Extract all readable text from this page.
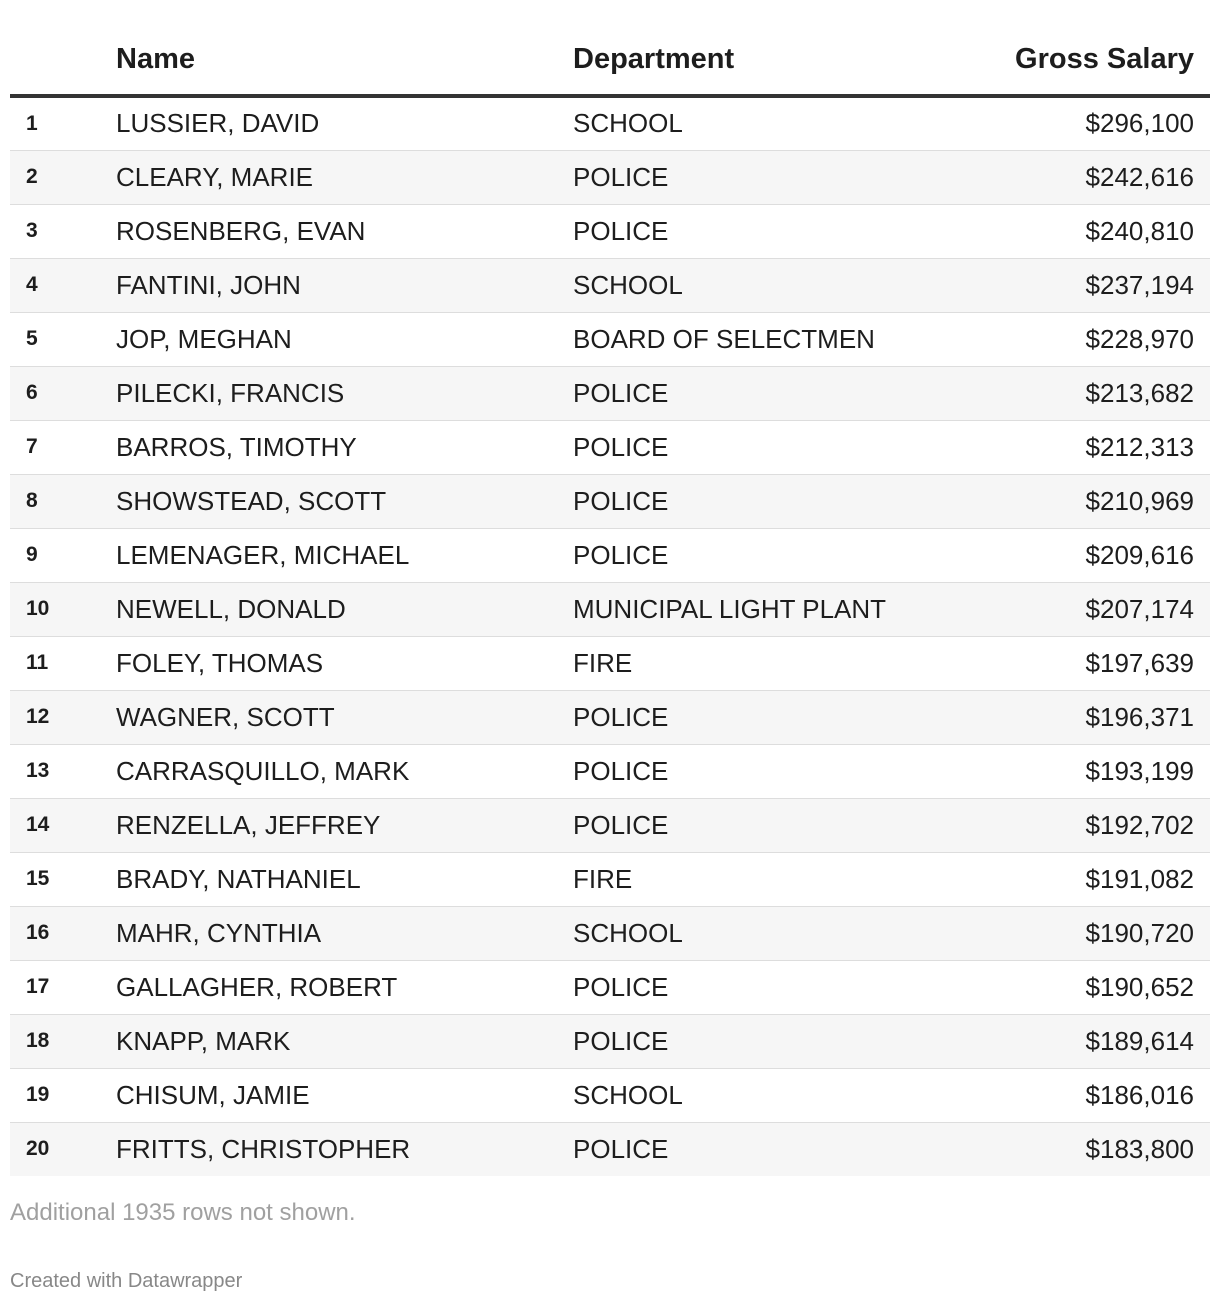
	Name	Department	Gross Salary
1	LUSSIER, DAVID	SCHOOL	$296,100
2	CLEARY, MARIE	POLICE	$242,616
3	ROSENBERG, EVAN	POLICE	$240,810
4	FANTINI, JOHN	SCHOOL	$237,194
5	JOP, MEGHAN	BOARD OF SELECTMEN	$228,970
6	PILECKI, FRANCIS	POLICE	$213,682
7	BARROS, TIMOTHY	POLICE	$212,313
8	SHOWSTEAD, SCOTT	POLICE	$210,969
9	LEMENAGER, MICHAEL	POLICE	$209,616
10	NEWELL, DONALD	MUNICIPAL LIGHT PLANT	$207,174
11	FOLEY, THOMAS	FIRE	$197,639
12	WAGNER, SCOTT	POLICE	$196,371
13	CARRASQUILLO, MARK	POLICE	$193,199
14	RENZELLA, JEFFREY	POLICE	$192,702
15	BRADY, NATHANIEL	FIRE	$191,082
16	MAHR, CYNTHIA	SCHOOL	$190,720
17	GALLAGHER, ROBERT	POLICE	$190,652
18	KNAPP, MARK	POLICE	$189,614
19	CHISUM, JAMIE	SCHOOL	$186,016
20	FRITTS, CHRISTOPHER	POLICE	$183,800
Additional 1935 rows not shown.
Created with Datawrapper
